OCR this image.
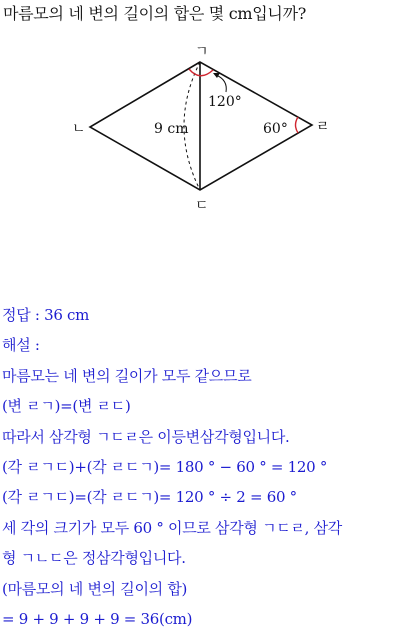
마름모의 네 변의 길이의 합은 몇 cm입니까?
ㄱ
ㄴ
ㄷ
ㄹ
9 cm
120°
60°
정답 : 36 cm
해설 :
마름모는 네 변의 길이가 모두 같으므로
(변 ㄹㄱ)=(변 ㄹㄷ)
따라서 삼각형 ㄱㄷㄹ은 이등변삼각형입니다.
(각 ㄹㄱㄷ)+(각 ㄹㄷㄱ)= 180 ° − 60 ° = 120 °
(각 ㄹㄱㄷ)=(각 ㄹㄷㄱ)= 120 ° ÷ 2 = 60 °
세 각의 크기가 모두 60 ° 이므로 삼각형 ㄱㄷㄹ, 삼각
형 ㄱㄴㄷ은 정삼각형입니다.
(마름모의 네 변의 길이의 합)
= 9 + 9 + 9 + 9 = 36(cm)
